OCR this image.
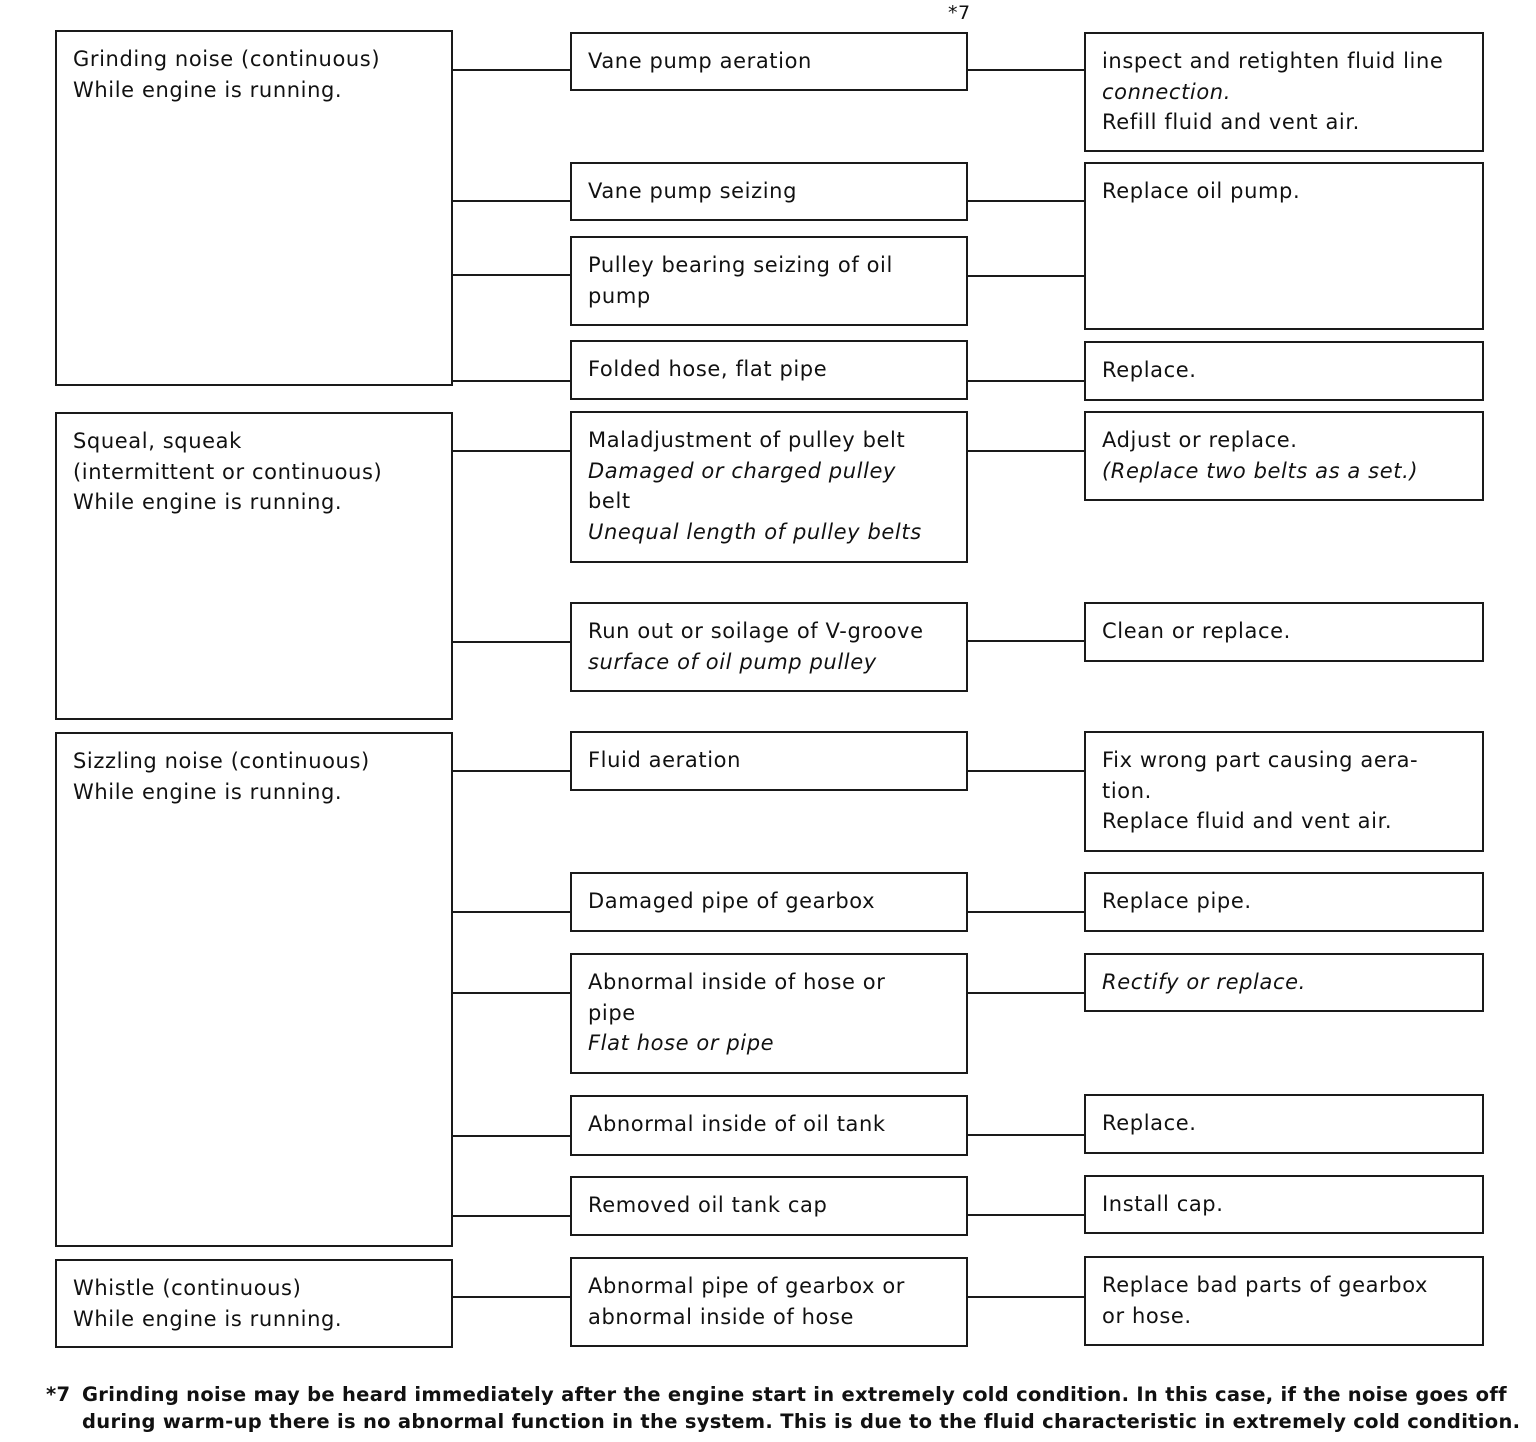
*7
Grinding noise (continuous)
While engine is running.
Squeal, squeak
(intermittent or continuous)
While engine is running.
Sizzling noise (continuous)
While engine is running.
Whistle (continuous)
While engine is running.
Vane pump aeration
Vane pump seizing
Pulley bearing seizing of oil
pump
Folded hose, flat pipe
Maladjustment of pulley belt
Damaged or charged pulley
belt
Unequal length of pulley belts
Run out or soilage of V-groove
surface of oil pump pulley
Fluid aeration
Damaged pipe of gearbox
Abnormal inside of hose or
pipe
Flat hose or pipe
Abnormal inside of oil tank
Removed oil tank cap
Abnormal pipe of gearbox or
abnormal inside of hose
inspect and retighten fluid line
connection.
Refill fluid and vent air.
Replace oil pump.
Replace.
Adjust or replace.
(Replace two belts as a set.)
Clean or replace.
Fix wrong part causing aera-
tion.
Replace fluid and vent air.
Replace pipe.
Rectify or replace.
Replace.
Install cap.
Replace bad parts of gearbox
or hose.
*7 Grinding noise may be heard immediately after the engine start in extremely cold condition. In this case, if the noise goes off
during warm-up there is no abnormal function in the system. This is due to the fluid characteristic in extremely cold condition.
